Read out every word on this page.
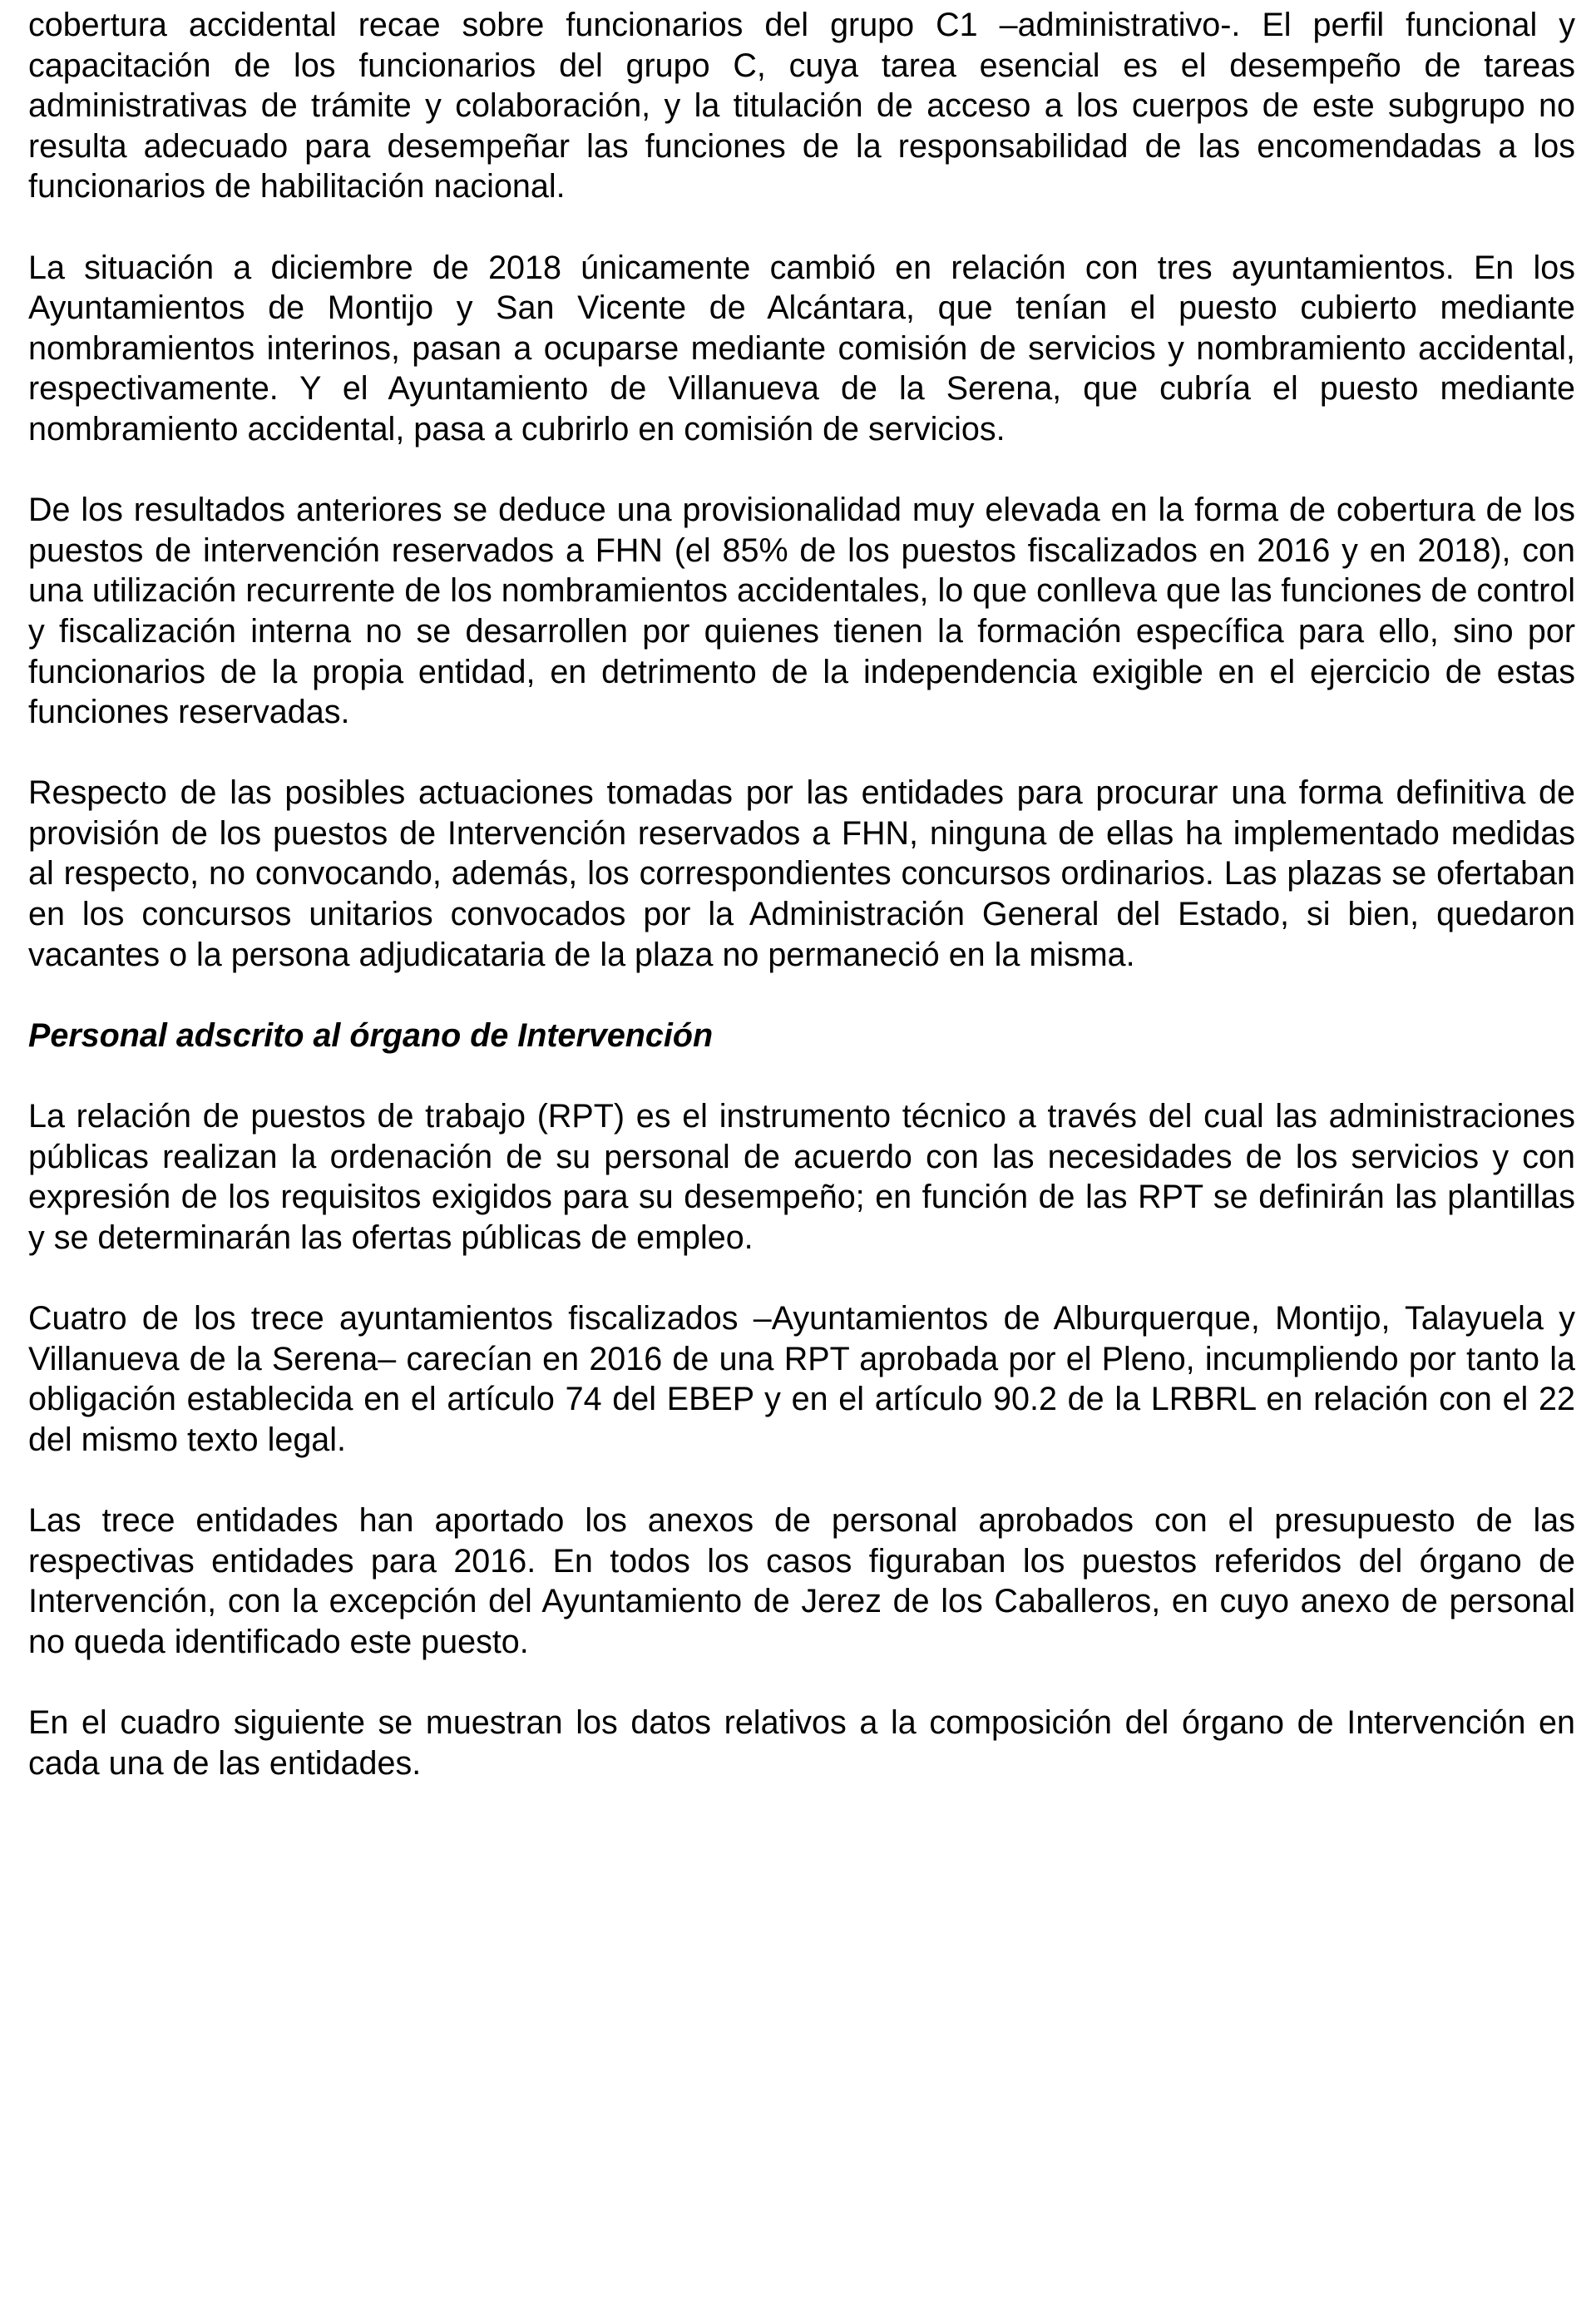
cobertura accidental recae sobre funcionarios del grupo C1 –administrativo-. El perfil funcional y capacitación de los funcionarios del grupo C, cuya tarea esencial es el desempeño de tareas administrativas de trámite y colaboración, y la titulación de acceso a los cuerpos de este subgrupo no resulta adecuado para desempeñar las funciones de la responsabilidad de las encomendadas a los funcionarios de habilitación nacional.

La situación a diciembre de 2018 únicamente cambió en relación con tres ayuntamientos. En los Ayuntamientos de Montijo y San Vicente de Alcántara, que tenían el puesto cubierto mediante nombramientos interinos, pasan a ocuparse mediante comisión de servicios y nombramiento accidental, respectivamente. Y el Ayuntamiento de Villanueva de la Serena, que cubría el puesto mediante nombramiento accidental, pasa a cubrirlo en comisión de servicios.

De los resultados anteriores se deduce una provisionalidad muy elevada en la forma de cobertura de los puestos de intervención reservados a FHN (el 85% de los puestos fiscalizados en 2016 y en 2018), con una utilización recurrente de los nombramientos accidentales, lo que conlleva que las funciones de control y fiscalización interna no se desarrollen por quienes tienen la formación específica para ello, sino por funcionarios de la propia entidad, en detrimento de la independencia exigible en el ejercicio de estas funciones reservadas.

Respecto de las posibles actuaciones tomadas por las entidades para procurar una forma definitiva de provisión de los puestos de Intervención reservados a FHN, ninguna de ellas ha implementado medidas al respecto, no convocando, además, los correspondientes concursos ordinarios. Las plazas se ofertaban en los concursos unitarios convocados por la Administración General del Estado, si bien, quedaron vacantes o la persona adjudicataria de la plaza no permaneció en la misma.

Personal adscrito al órgano de Intervención

La relación de puestos de trabajo (RPT) es el instrumento técnico a través del cual las administraciones públicas realizan la ordenación de su personal de acuerdo con las necesidades de los servicios y con expresión de los requisitos exigidos para su desempeño; en función de las RPT se definirán las plantillas y se determinarán las ofertas públicas de empleo.

Cuatro de los trece ayuntamientos fiscalizados –Ayuntamientos de Alburquerque, Montijo, Talayuela y Villanueva de la Serena– carecían en 2016 de una RPT aprobada por el Pleno, incumpliendo por tanto la obligación establecida en el artículo 74 del EBEP y en el artículo 90.2 de la LRBRL en relación con el 22 del mismo texto legal.

Las trece entidades han aportado los anexos de personal aprobados con el presupuesto de las respectivas entidades para 2016. En todos los casos figuraban los puestos referidos del órgano de Intervención, con la excepción del Ayuntamiento de Jerez de los Caballeros, en cuyo anexo de personal no queda identificado este puesto.

En el cuadro siguiente se muestran los datos relativos a la composición del órgano de Intervención en cada una de las entidades.
